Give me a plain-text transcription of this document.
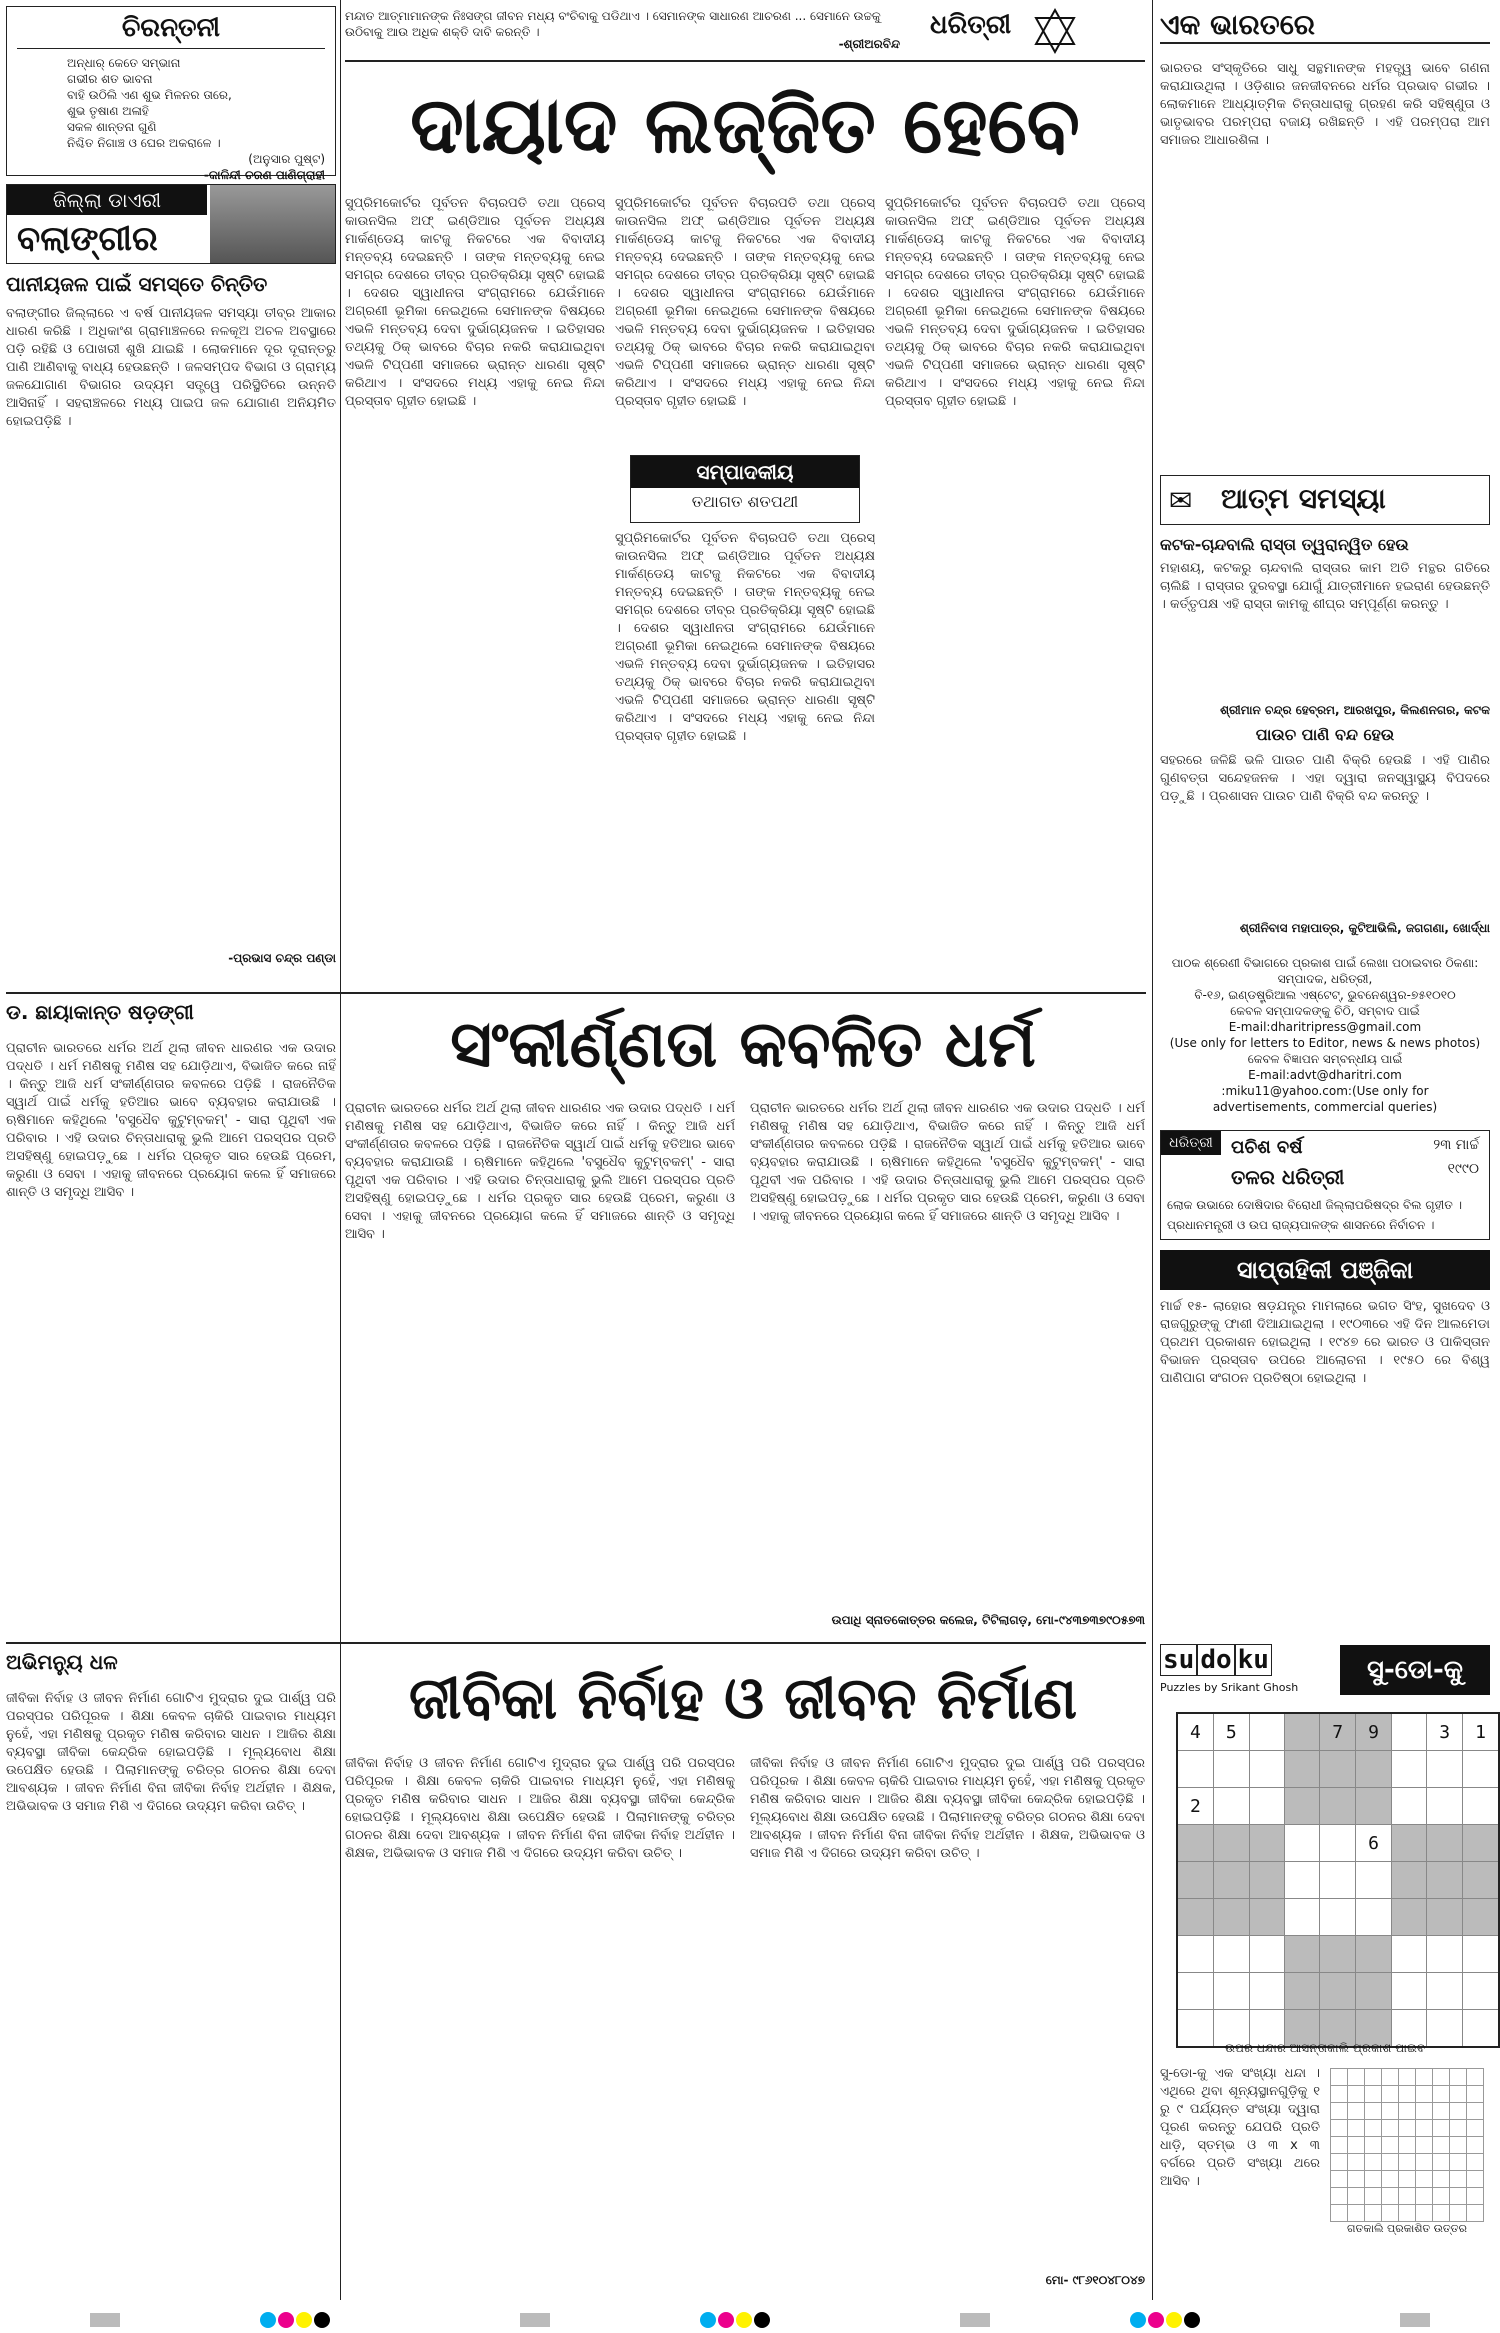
ଚିରନ୍ତନୀ
ଅନ୍ଧାର୍ କେତେ ସମ୍ଭାନା
ଗଭୀର ଶତ ଭାବନା
ବାହି ଉଠିଲି ଏଣ ଶୁଭ ମିଳନର ତାରେ,
ଶୁଭ ତୃଷାଣ ଅଳାହି
ସକଳ ଶାନ୍ତନା ଗୁଣି
ନିଶ୍ଚିତ ନିଗାଞ୍ଚ ଓ ଘେର ଅକରାଳେ ।
(ଅନୁସାର ପୁଷ୍ଟ)
-କାଳିନ୍ଦୀ ଚରଣ ପାଣିଗ୍ରାହୀ
ଜିଲ୍ଲା ଡାଏରୀ
ବଲାଙ୍ଗୀର
ପାନୀୟଜଳ ପାଇଁ ସମସ୍ତେ ଚିନ୍ତିତ
ବଲାଙ୍ଗୀର ଜିଲ୍ଲାରେ ଏ ବର୍ଷ ପାନୀୟଜଳ ସମସ୍ୟା ତୀବ୍ର ଆକାର ଧାରଣ କରିଛି । ଅଧିକାଂଶ ଗ୍ରାମାଞ୍ଚଳରେ ନଳକୂଅ ଅଚଳ ଅବସ୍ଥାରେ ପଡ଼ି ରହିଛି ଓ ପୋଖରୀ ଶୁଖି ଯାଇଛି । ଲୋକମାନେ ଦୂର ଦୂରାନ୍ତରୁ ପାଣି ଆଣିବାକୁ ବାଧ୍ୟ ହେଉଛନ୍ତି । ଜଳସମ୍ପଦ ବିଭାଗ ଓ ଗ୍ରାମ୍ୟ ଜଳଯୋଗାଣ ବିଭାଗର ଉଦ୍ୟମ ସତ୍ତ୍ୱେ ପରିସ୍ଥିତିରେ ଉନ୍ନତି ଆସିନାହିଁ । ସହରାଞ୍ଚଳରେ ମଧ୍ୟ ପାଇପ ଜଳ ଯୋଗାଣ ଅନିୟମିତ ହୋଇପଡ଼ିଛି ।
-ପ୍ରଭାସ ଚନ୍ଦ୍ର ପଣ୍ଡା
ମନ୍ଦାତ ଆତ୍ମାମାନଙ୍କ ନିଃସଙ୍ଗ ଜୀବନ ମଧ୍ୟ ବଂଚିବାକୁ ପଡିଥାଏ । ସେମାନଙ୍କ ସାଧାରଣ ଆଚରଣ ... ସେମାନେ ଉଚ୍ଚକୁ ଉଠିବାକୁ ଆଉ ଅଧିକ ଶକ୍ତି ଦାବି କରନ୍ତି ।
-ଶ୍ରୀଅରବିନ୍ଦ
ଧରିତ୍ରୀ
ଦାୟାଦ ଲଜ୍ଜିତ ହେବେ
ସୁପ୍ରିମକୋର୍ଟର ପୂର୍ବତନ ବିଚାରପତି ତଥା ପ୍ରେସ୍ କାଉନସିଲ ଅଫ୍ ଇଣ୍ଡିଆର ପୂର୍ବତନ ଅଧ୍ୟକ୍ଷ ମାର୍କଣ୍ଡେୟ କାଟଜୁ ନିକଟରେ ଏକ ବିବାଦୀୟ ମନ୍ତବ୍ୟ ଦେଇଛନ୍ତି । ତାଙ୍କ ମନ୍ତବ୍ୟକୁ ନେଇ ସମଗ୍ର ଦେଶରେ ତୀବ୍ର ପ୍ରତିକ୍ରିୟା ସୃଷ୍ଟି ହୋଇଛି । ଦେଶର ସ୍ୱାଧୀନତା ସଂଗ୍ରାମରେ ଯେଉଁମାନେ ଅଗ୍ରଣୀ ଭୂମିକା ନେଇଥିଲେ ସେମାନଙ୍କ ବିଷୟରେ ଏଭଳି ମନ୍ତବ୍ୟ ଦେବା ଦୁର୍ଭାଗ୍ୟଜନକ । ଇତିହାସର ତଥ୍ୟକୁ ଠିକ୍ ଭାବରେ ବିଚାର ନକରି କରାଯାଇଥିବା ଏଭଳି ଟିପ୍ପଣୀ ସମାଜରେ ଭ୍ରାନ୍ତ ଧାରଣା ସୃଷ୍ଟି କରିଥାଏ । ସଂସଦରେ ମଧ୍ୟ ଏହାକୁ ନେଇ ନିନ୍ଦା ପ୍ରସ୍ତାବ ଗୃହୀତ ହୋଇଛି ।
ସୁପ୍ରିମକୋର୍ଟର ପୂର୍ବତନ ବିଚାରପତି ତଥା ପ୍ରେସ୍ କାଉନସିଲ ଅଫ୍ ଇଣ୍ଡିଆର ପୂର୍ବତନ ଅଧ୍ୟକ୍ଷ ମାର୍କଣ୍ଡେୟ କାଟଜୁ ନିକଟରେ ଏକ ବିବାଦୀୟ ମନ୍ତବ୍ୟ ଦେଇଛନ୍ତି । ତାଙ୍କ ମନ୍ତବ୍ୟକୁ ନେଇ ସମଗ୍ର ଦେଶରେ ତୀବ୍ର ପ୍ରତିକ୍ରିୟା ସୃଷ୍ଟି ହୋଇଛି । ଦେଶର ସ୍ୱାଧୀନତା ସଂଗ୍ରାମରେ ଯେଉଁମାନେ ଅଗ୍ରଣୀ ଭୂମିକା ନେଇଥିଲେ ସେମାନଙ୍କ ବିଷୟରେ ଏଭଳି ମନ୍ତବ୍ୟ ଦେବା ଦୁର୍ଭାଗ୍ୟଜନକ । ଇତିହାସର ତଥ୍ୟକୁ ଠିକ୍ ଭାବରେ ବିଚାର ନକରି କରାଯାଇଥିବା ଏଭଳି ଟିପ୍ପଣୀ ସମାଜରେ ଭ୍ରାନ୍ତ ଧାରଣା ସୃଷ୍ଟି କରିଥାଏ । ସଂସଦରେ ମଧ୍ୟ ଏହାକୁ ନେଇ ନିନ୍ଦା ପ୍ରସ୍ତାବ ଗୃହୀତ ହୋଇଛି ।
ସମ୍ପାଦକୀୟ
ତଥାଗତ ଶତପଥୀ
ସୁପ୍ରିମକୋର୍ଟର ପୂର୍ବତନ ବିଚାରପତି ତଥା ପ୍ରେସ୍ କାଉନସିଲ ଅଫ୍ ଇଣ୍ଡିଆର ପୂର୍ବତନ ଅଧ୍ୟକ୍ଷ ମାର୍କଣ୍ଡେୟ କାଟଜୁ ନିକଟରେ ଏକ ବିବାଦୀୟ ମନ୍ତବ୍ୟ ଦେଇଛନ୍ତି । ତାଙ୍କ ମନ୍ତବ୍ୟକୁ ନେଇ ସମଗ୍ର ଦେଶରେ ତୀବ୍ର ପ୍ରତିକ୍ରିୟା ସୃଷ୍ଟି ହୋଇଛି । ଦେଶର ସ୍ୱାଧୀନତା ସଂଗ୍ରାମରେ ଯେଉଁମାନେ ଅଗ୍ରଣୀ ଭୂମିକା ନେଇଥିଲେ ସେମାନଙ୍କ ବିଷୟରେ ଏଭଳି ମନ୍ତବ୍ୟ ଦେବା ଦୁର୍ଭାଗ୍ୟଜନକ । ଇତିହାସର ତଥ୍ୟକୁ ଠିକ୍ ଭାବରେ ବିଚାର ନକରି କରାଯାଇଥିବା ଏଭଳି ଟିପ୍ପଣୀ ସମାଜରେ ଭ୍ରାନ୍ତ ଧାରଣା ସୃଷ୍ଟି କରିଥାଏ । ସଂସଦରେ ମଧ୍ୟ ଏହାକୁ ନେଇ ନିନ୍ଦା ପ୍ରସ୍ତାବ ଗୃହୀତ ହୋଇଛି ।
ସୁପ୍ରିମକୋର୍ଟର ପୂର୍ବତନ ବିଚାରପତି ତଥା ପ୍ରେସ୍ କାଉନସିଲ ଅଫ୍ ଇଣ୍ଡିଆର ପୂର୍ବତନ ଅଧ୍ୟକ୍ଷ ମାର୍କଣ୍ଡେୟ କାଟଜୁ ନିକଟରେ ଏକ ବିବାଦୀୟ ମନ୍ତବ୍ୟ ଦେଇଛନ୍ତି । ତାଙ୍କ ମନ୍ତବ୍ୟକୁ ନେଇ ସମଗ୍ର ଦେଶରେ ତୀବ୍ର ପ୍ରତିକ୍ରିୟା ସୃଷ୍ଟି ହୋଇଛି । ଦେଶର ସ୍ୱାଧୀନତା ସଂଗ୍ରାମରେ ଯେଉଁମାନେ ଅଗ୍ରଣୀ ଭୂମିକା ନେଇଥିଲେ ସେମାନଙ୍କ ବିଷୟରେ ଏଭଳି ମନ୍ତବ୍ୟ ଦେବା ଦୁର୍ଭାଗ୍ୟଜନକ । ଇତିହାସର ତଥ୍ୟକୁ ଠିକ୍ ଭାବରେ ବିଚାର ନକରି କରାଯାଇଥିବା ଏଭଳି ଟିପ୍ପଣୀ ସମାଜରେ ଭ୍ରାନ୍ତ ଧାରଣା ସୃଷ୍ଟି କରିଥାଏ । ସଂସଦରେ ମଧ୍ୟ ଏହାକୁ ନେଇ ନିନ୍ଦା ପ୍ରସ୍ତାବ ଗୃହୀତ ହୋଇଛି ।
ଏକ ଭାରତରେ
ଭାରତର ସଂସ୍କୃତିରେ ସାଧୁ ସନ୍ଥମାନଙ୍କ ମହତ୍ତ୍ୱ ଭାବେ ଗଣନା କରାଯାଉଥିଲା । ଓଡ଼ିଶାର ଜନଜୀବନରେ ଧର୍ମର ପ୍ରଭାବ ଗଭୀର । ଲୋକମାନେ ଆଧ୍ୟାତ୍ମିକ ଚିନ୍ତାଧାରାକୁ ଗ୍ରହଣ କରି ସହିଷ୍ଣୁତା ଓ ଭାତୃଭାବର ପରମ୍ପରା ବଜାୟ ରଖିଛନ୍ତି । ଏହି ପରମ୍ପରା ଆମ ସମାଜର ଆଧାରଶିଳା ।
✉ ଆତ୍ମ ସମସ୍ୟା
କଟକ-ଚାନ୍ଦବାଲି ରାସ୍ତା ତ୍ୱରାନ୍ୱିତ ହେଉ
ମହାଶୟ, କଟକରୁ ଚାନ୍ଦବାଲି ରାସ୍ତାର କାମ ଅତି ମନ୍ଥର ଗତିରେ ଚାଲିଛି । ରାସ୍ତାର ଦୁରବସ୍ଥା ଯୋଗୁଁ ଯାତ୍ରୀମାନେ ହଇରାଣ ହେଉଛନ୍ତି । କର୍ତ୍ତୃପକ୍ଷ ଏହି ରାସ୍ତା କାମକୁ ଶୀଘ୍ର ସମ୍ପୂର୍ଣ୍ଣ କରନ୍ତୁ ।
ଶ୍ରୀମାନ ଚନ୍ଦ୍ର ହେବ୍ରମ, ଆରଖପୁର, କିଲଣନଗର, କଟକ
ପାଉଚ ପାଣି ବନ୍ଦ ହେଉ
ସହରରେ ଜଳିଛି ଭଳି ପାଉଚ ପାଣି ବିକ୍ରି ହେଉଛି । ଏହି ପାଣିର ଗୁଣବତ୍ତା ସନ୍ଦେହଜନକ । ଏହା ଦ୍ୱାରା ଜନସ୍ୱାସ୍ଥ୍ୟ ବିପଦରେ ପଡ଼ୁଛି । ପ୍ରଶାସନ ପାଉଚ ପାଣି ବିକ୍ରି ବନ୍ଦ କରନ୍ତୁ ।
ଶ୍ରୀନିବାସ ମହାପାତ୍ର, କୁଟିଆଭିଲି, ଜଗଗଣା, ଖୋର୍ଦ୍ଧା
ପାଠକ ଶ୍ରେଣୀ ବିଭାଗରେ ପ୍ରକାଶ ପାଇଁ ଲେଖା ପଠାଇବାର ଠିକଣା:
ସମ୍ପାଦକ, ଧରିତ୍ରୀ,
ବି-୧୬, ଇଣ୍ଡଷ୍ଟ୍ରିଆଲ ଏଷ୍ଟେଟ୍, ଭୁବନେଶ୍ୱର-୭୫୧୦୧୦
କେବଳ ସମ୍ପାଦକଙ୍କୁ ଚିଠି, ସମ୍ବାଦ ପାଇଁ
E-mail:dharitripress@gmail.com
(Use only for letters to Editor, news & news photos)
କେବଳ ବିଜ୍ଞାପନ ସମ୍ବନ୍ଧୀୟ ପାଇଁ
E-mail:advt@dharitri.com
:miku11@yahoo.com:(Use only for
advertisements, commercial queries)
ଧରିତ୍ରୀ	ପଚିଶ ବର୍ଷ
ତଳର ଧରିତ୍ରୀ
୨୩ ମାର୍ଚ୍ଚ
୧୯୯୦
ଲୋକ ଉଭାରେ ଦୋଷିଦାର ବିରୋଧୀ ଜିଲ୍ଲାପରିଷଦ୍ର ବିଲ ଗୃହୀତ ।
ପ୍ରଧାନମନ୍ତ୍ରୀ ଓ ଉପ ରାଜ୍ୟପାଳଙ୍କ ଶାସନରେ ନିର୍ବାଚନ ।
ସାପ୍ତାହିକୀ ପଞ୍ଜିକା
ମାର୍ଚ୍ଚ ୧୫- ଲାହୋର ଷଡ଼ଯନ୍ତ୍ର ମାମଲାରେ ଭଗତ ସିଂହ, ସୁଖଦେବ ଓ ରାଜଗୁରୁଙ୍କୁ ଫାଶୀ ଦିଆଯାଇଥିଲା । ୧୯୦୩ରେ ଏହି ଦିନ ଆଲମେଡା ପ୍ରଥମ ପ୍ରକାଶନ ହୋଇଥିଲା । ୧୯୪୭ ରେ ଭାରତ ଓ ପାକିସ୍ତାନ ବିଭାଜନ ପ୍ରସ୍ତାବ ଉପରେ ଆଲୋଚନା । ୧୯୫୦ ରେ ବିଶ୍ୱ ପାଣିପାଗ ସଂଗଠନ ପ୍ରତିଷ୍ଠା ହୋଇଥିଲା ।
ଡ. ଛାୟାକାନ୍ତ ଷଡ଼ଙ୍ଗୀ	ସଂକୀର୍ଣ୍ଣତା କବଳିତ ଧର୍ମ
ପ୍ରାଚୀନ ଭାରତରେ ଧର୍ମର ଅର୍ଥ ଥିଲା ଜୀବନ ଧାରଣର ଏକ ଉଦାର ପଦ୍ଧତି । ଧର୍ମ ମଣିଷକୁ ମଣିଷ ସହ ଯୋଡ଼ିଥାଏ, ବିଭାଜିତ କରେ ନାହିଁ । କିନ୍ତୁ ଆଜି ଧର୍ମ ସଂକୀର୍ଣ୍ଣତାର କବଳରେ ପଡ଼ିଛି । ରାଜନୈତିକ ସ୍ୱାର୍ଥ ପାଇଁ ଧର୍ମକୁ ହତିଆର ଭାବେ ବ୍ୟବହାର କରାଯାଉଛି । ଋଷିମାନେ କହିଥିଲେ 'ବସୁଧୈବ କୁଟୁମ୍ବକମ୍' - ସାରା ପୃଥିବୀ ଏକ ପରିବାର । ଏହି ଉଦାର ଚିନ୍ତାଧାରାକୁ ଭୁଲି ଆମେ ପରସ୍ପର ପ୍ରତି ଅସହିଷ୍ଣୁ ହୋଇପଡ଼ୁଛେ । ଧର୍ମର ପ୍ରକୃତ ସାର ହେଉଛି ପ୍ରେମ, କରୁଣା ଓ ସେବା । ଏହାକୁ ଜୀବନରେ ପ୍ରୟୋଗ କଲେ ହିଁ ସମାଜରେ ଶାନ୍ତି ଓ ସମୃଦ୍ଧି ଆସିବ ।
ପ୍ରାଚୀନ ଭାରତରେ ଧର୍ମର ଅର୍ଥ ଥିଲା ଜୀବନ ଧାରଣର ଏକ ଉଦାର ପଦ୍ଧତି । ଧର୍ମ ମଣିଷକୁ ମଣିଷ ସହ ଯୋଡ଼ିଥାଏ, ବିଭାଜିତ କରେ ନାହିଁ । କିନ୍ତୁ ଆଜି ଧର୍ମ ସଂକୀର୍ଣ୍ଣତାର କବଳରେ ପଡ଼ିଛି । ରାଜନୈତିକ ସ୍ୱାର୍ଥ ପାଇଁ ଧର୍ମକୁ ହତିଆର ଭାବେ ବ୍ୟବହାର କରାଯାଉଛି । ଋଷିମାନେ କହିଥିଲେ 'ବସୁଧୈବ କୁଟୁମ୍ବକମ୍' - ସାରା ପୃଥିବୀ ଏକ ପରିବାର । ଏହି ଉଦାର ଚିନ୍ତାଧାରାକୁ ଭୁଲି ଆମେ ପରସ୍ପର ପ୍ରତି ଅସହିଷ୍ଣୁ ହୋଇପଡ଼ୁଛେ । ଧର୍ମର ପ୍ରକୃତ ସାର ହେଉଛି ପ୍ରେମ, କରୁଣା ଓ ସେବା । ଏହାକୁ ଜୀବନରେ ପ୍ରୟୋଗ କଲେ ହିଁ ସମାଜରେ ଶାନ୍ତି ଓ ସମୃଦ୍ଧି ଆସିବ ।
ପ୍ରାଚୀନ ଭାରତରେ ଧର୍ମର ଅର୍ଥ ଥିଲା ଜୀବନ ଧାରଣର ଏକ ଉଦାର ପଦ୍ଧତି । ଧର୍ମ ମଣିଷକୁ ମଣିଷ ସହ ଯୋଡ଼ିଥାଏ, ବିଭାଜିତ କରେ ନାହିଁ । କିନ୍ତୁ ଆଜି ଧର୍ମ ସଂକୀର୍ଣ୍ଣତାର କବଳରେ ପଡ଼ିଛି । ରାଜନୈତିକ ସ୍ୱାର୍ଥ ପାଇଁ ଧର୍ମକୁ ହତିଆର ଭାବେ ବ୍ୟବହାର କରାଯାଉଛି । ଋଷିମାନେ କହିଥିଲେ 'ବସୁଧୈବ କୁଟୁମ୍ବକମ୍' - ସାରା ପୃଥିବୀ ଏକ ପରିବାର । ଏହି ଉଦାର ଚିନ୍ତାଧାରାକୁ ଭୁଲି ଆମେ ପରସ୍ପର ପ୍ରତି ଅସହିଷ୍ଣୁ ହୋଇପଡ଼ୁଛେ । ଧର୍ମର ପ୍ରକୃତ ସାର ହେଉଛି ପ୍ରେମ, କରୁଣା ଓ ସେବା । ଏହାକୁ ଜୀବନରେ ପ୍ରୟୋଗ କଲେ ହିଁ ସମାଜରେ ଶାନ୍ତି ଓ ସମୃଦ୍ଧି ଆସିବ ।
ଉପାଧି ସ୍ନାତକୋତ୍ତର କଲେଜ, ଟିଟିଲାଗଡ଼, ମୋ-୯୪୩୭୩୭୯୦୫୭୩
ଅଭିମନ୍ୟୁ ଧଳ
ଜୀବିକା ନିର୍ବାହ ଓ ଜୀବନ ନିର୍ମାଣ
ଜୀବିକା ନିର୍ବାହ ଓ ଜୀବନ ନିର୍ମାଣ ଗୋଟିଏ ମୁଦ୍ରାର ଦୁଇ ପାର୍ଶ୍ୱ ପରି ପରସ୍ପର ପରିପୂରକ । ଶିକ୍ଷା କେବଳ ଚାକିରି ପାଇବାର ମାଧ୍ୟମ ନୁହେଁ, ଏହା ମଣିଷକୁ ପ୍ରକୃତ ମଣିଷ କରିବାର ସାଧନ । ଆଜିର ଶିକ୍ଷା ବ୍ୟବସ୍ଥା ଜୀବିକା କେନ୍ଦ୍ରିକ ହୋଇପଡ଼ିଛି । ମୂଲ୍ୟବୋଧ ଶିକ୍ଷା ଉପେକ୍ଷିତ ହେଉଛି । ପିଲାମାନଙ୍କୁ ଚରିତ୍ର ଗଠନର ଶିକ୍ଷା ଦେବା ଆବଶ୍ୟକ । ଜୀବନ ନିର୍ମାଣ ବିନା ଜୀବିକା ନିର୍ବାହ ଅର୍ଥହୀନ । ଶିକ୍ଷକ, ଅଭିଭାବକ ଓ ସମାଜ ମିଶି ଏ ଦିଗରେ ଉଦ୍ୟମ କରିବା ଉଚିତ୍ ।
ଜୀବିକା ନିର୍ବାହ ଓ ଜୀବନ ନିର୍ମାଣ ଗୋଟିଏ ମୁଦ୍ରାର ଦୁଇ ପାର୍ଶ୍ୱ ପରି ପରସ୍ପର ପରିପୂରକ । ଶିକ୍ଷା କେବଳ ଚାକିରି ପାଇବାର ମାଧ୍ୟମ ନୁହେଁ, ଏହା ମଣିଷକୁ ପ୍ରକୃତ ମଣିଷ କରିବାର ସାଧନ । ଆଜିର ଶିକ୍ଷା ବ୍ୟବସ୍ଥା ଜୀବିକା କେନ୍ଦ୍ରିକ ହୋଇପଡ଼ିଛି । ମୂଲ୍ୟବୋଧ ଶିକ୍ଷା ଉପେକ୍ଷିତ ହେଉଛି । ପିଲାମାନଙ୍କୁ ଚରିତ୍ର ଗଠନର ଶିକ୍ଷା ଦେବା ଆବଶ୍ୟକ । ଜୀବନ ନିର୍ମାଣ ବିନା ଜୀବିକା ନିର୍ବାହ ଅର୍ଥହୀନ । ଶିକ୍ଷକ, ଅଭିଭାବକ ଓ ସମାଜ ମିଶି ଏ ଦିଗରେ ଉଦ୍ୟମ କରିବା ଉଚିତ୍ ।
ଜୀବିକା ନିର୍ବାହ ଓ ଜୀବନ ନିର୍ମାଣ ଗୋଟିଏ ମୁଦ୍ରାର ଦୁଇ ପାର୍ଶ୍ୱ ପରି ପରସ୍ପର ପରିପୂରକ । ଶିକ୍ଷା କେବଳ ଚାକିରି ପାଇବାର ମାଧ୍ୟମ ନୁହେଁ, ଏହା ମଣିଷକୁ ପ୍ରକୃତ ମଣିଷ କରିବାର ସାଧନ । ଆଜିର ଶିକ୍ଷା ବ୍ୟବସ୍ଥା ଜୀବିକା କେନ୍ଦ୍ରିକ ହୋଇପଡ଼ିଛି । ମୂଲ୍ୟବୋଧ ଶିକ୍ଷା ଉପେକ୍ଷିତ ହେଉଛି । ପିଲାମାନଙ୍କୁ ଚରିତ୍ର ଗଠନର ଶିକ୍ଷା ଦେବା ଆବଶ୍ୟକ । ଜୀବନ ନିର୍ମାଣ ବିନା ଜୀବିକା ନିର୍ବାହ ଅର୍ଥହୀନ । ଶିକ୍ଷକ, ଅଭିଭାବକ ଓ ସମାଜ ମିଶି ଏ ଦିଗରେ ଉଦ୍ୟମ କରିବା ଉଚିତ୍ ।
ମୋ- ୯୮୬୧୦୪୮୦୪୭
su do ku
Puzzles by Srikant Ghosh
ସୁ-ଡୋ-କୁ
4	5			7	9		3	1

2								
					6			

ଉପର ଧନ୍ଦାର ଆସନ୍ତାକାଲି ପ୍ରକାଶ ପାଇବ
ସୁ-ଡୋ-କୁ ଏକ ସଂଖ୍ୟା ଧନ୍ଦା । ଏଥିରେ ଥିବା ଶୂନ୍ୟସ୍ଥାନଗୁଡ଼ିକୁ ୧ ରୁ ୯ ପର୍ଯ୍ୟନ୍ତ ସଂଖ୍ୟା ଦ୍ୱାରା ପୂରଣ କରନ୍ତୁ ଯେପରି ପ୍ରତି ଧାଡ଼ି, ସ୍ତମ୍ଭ ଓ ୩ x ୩ ବର୍ଗରେ ପ୍ରତି ସଂଖ୍ୟା ଥରେ ଆସିବ ।

ଗତକାଲି ପ୍ରକାଶିତ ଉତ୍ତର
